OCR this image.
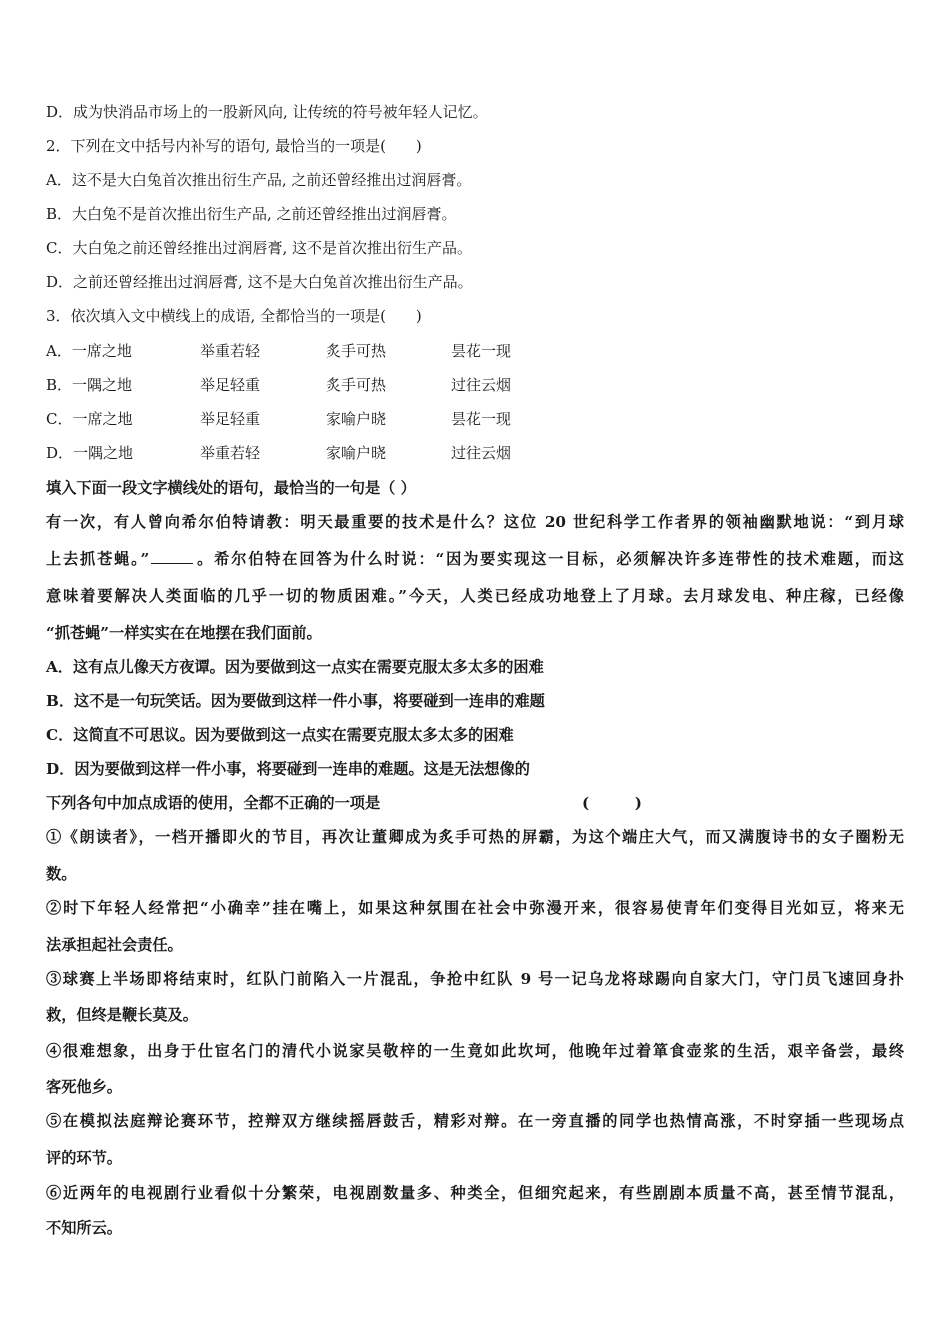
D．成为快消品市场上的一股新风向, 让传统的符号被年轻人记忆。
2．下列在文中括号内补写的语句, 最恰当的一项是(　　)
A．这不是大白兔首次推出衍生产品, 之前还曾经推出过润唇膏。
B．大白兔不是首次推出衍生产品, 之前还曾经推出过润唇膏。
C．大白兔之前还曾经推出过润唇膏, 这不是首次推出衍生产品。
D．之前还曾经推出过润唇膏, 这不是大白兔首次推出衍生产品。
3．依次填入文中横线上的成语, 全都恰当的一项是(　　)
A．一席之地	举重若轻	炙手可热	昙花一现
B．一隅之地	举足轻重	炙手可热	过往云烟
C．一席之地	举足轻重	家喻户晓	昙花一现
D．一隅之地	举重若轻	家喻户晓	过往云烟
填入下面一段文字横线处的语句，最恰当的一句是（ ）
有一次，有人曾向希尔伯特请教：明天最重要的技术是什么？这位 20 世纪科学工作者界的领袖幽默地说：“到月球
上去抓苍蝇。”	。希尔伯特在回答为什么时说：“因为要实现这一目标，必须解决许多连带性的技术难题，而这
意味着要解决人类面临的几乎一切的物质困难。”今天，人类已经成功地登上了月球。去月球发电、种庄稼，已经像
“抓苍蝇”一样实实在在地摆在我们面前。
A．这有点儿像天方夜谭。因为要做到这一点实在需要克服太多太多的困难
B．这不是一句玩笑话。因为要做到这样一件小事，将要碰到一连串的难题
C．这简直不可思议。因为要做到这一点实在需要克服太多太多的困难
D．因为要做到这样一件小事，将要碰到一连串的难题。这是无法想像的
下列各句中加点成语的使用，全都不正确的一项是	(　　　)
①《朗读者》，一档开播即火的节目，再次让董卿成为炙手可热的屏霸，为这个端庄大气，而又满腹诗书的女子圈粉无
数。
②时下年轻人经常把“小确幸”挂在嘴上，如果这种氛围在社会中弥漫开来，很容易使青年们变得目光如豆，将来无
法承担起社会责任。
③球赛上半场即将结束时，红队门前陷入一片混乱，争抢中红队 9 号一记乌龙将球踢向自家大门，守门员飞速回身扑
救，但终是鞭长莫及。
④很难想象，出身于仕宦名门的清代小说家吴敬梓的一生竟如此坎坷，他晚年过着箪食壶浆的生活，艰辛备尝，最终
客死他乡。
⑤在模拟法庭辩论赛环节，控辩双方继续摇唇鼓舌，精彩对辩。在一旁直播的同学也热情高涨，不时穿插一些现场点
评的环节。
⑥近两年的电视剧行业看似十分繁荣，电视剧数量多、种类全，但细究起来，有些剧剧本质量不高，甚至情节混乱，
不知所云。
